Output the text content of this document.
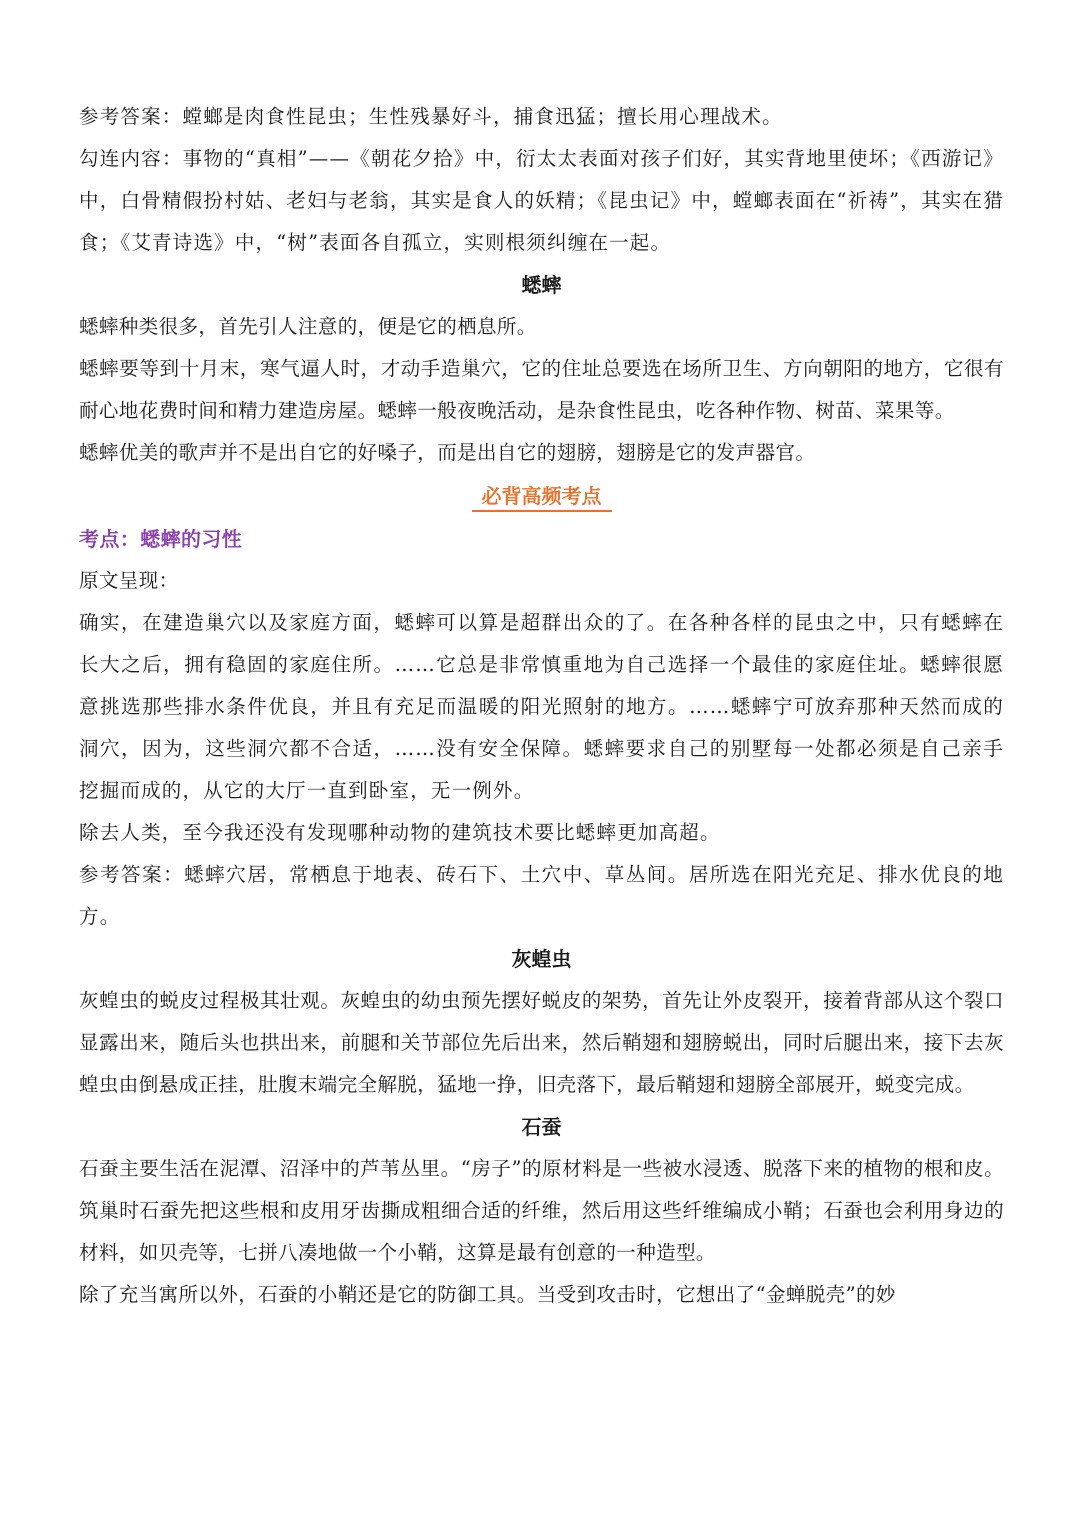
参考答案：螳螂是肉食性昆虫；生性残暴好斗，捕食迅猛；擅长用心理战术。

勾连内容：事物的“真相”——《朝花夕拾》中，衍太太表面对孩子们好，其实背地里使坏；《西游记》中，白骨精假扮村姑、老妇与老翁，其实是食人的妖精；《昆虫记》中，螳螂表面在“祈祷”，其实在猎食；《艾青诗选》中，“树”表面各自孤立，实则根须纠缠在一起。

蟋蟀

蟋蟀种类很多，首先引人注意的，便是它的栖息所。

蟋蟀要等到十月末，寒气逼人时，才动手造巢穴，它的住址总要选在场所卫生、方向朝阳的地方，它很有耐心地花费时间和精力建造房屋。蟋蟀一般夜晚活动，是杂食性昆虫，吃各种作物、树苗、菜果等。

蟋蟀优美的歌声并不是出自它的好嗓子，而是出自它的翅膀，翅膀是它的发声器官。

必背高频考点

考点：蟋蟀的习性

原文呈现：

确实，在建造巢穴以及家庭方面，蟋蟀可以算是超群出众的了。在各种各样的昆虫之中，只有蟋蟀在长大之后，拥有稳固的家庭住所。……它总是非常慎重地为自己选择一个最佳的家庭住址。蟋蟀很愿意挑选那些排水条件优良，并且有充足而温暖的阳光照射的地方。……蟋蟀宁可放弃那种天然而成的洞穴，因为，这些洞穴都不合适，……没有安全保障。蟋蟀要求自己的别墅每一处都必须是自己亲手挖掘而成的，从它的大厅一直到卧室，无一例外。

除去人类，至今我还没有发现哪种动物的建筑技术要比蟋蟀更加高超。

参考答案：蟋蟀穴居，常栖息于地表、砖石下、土穴中、草丛间。居所选在阳光充足、排水优良的地方。

灰蝗虫

灰蝗虫的蜕皮过程极其壮观。灰蝗虫的幼虫预先摆好蜕皮的架势，首先让外皮裂开，接着背部从这个裂口显露出来，随后头也拱出来，前腿和关节部位先后出来，然后鞘翅和翅膀蜕出，同时后腿出来，接下去灰蝗虫由倒悬成正挂，肚腹末端完全解脱，猛地一挣，旧壳落下，最后鞘翅和翅膀全部展开，蜕变完成。

石蚕

石蚕主要生活在泥潭、沼泽中的芦苇丛里。“房子”的原材料是一些被水浸透、脱落下来的植物的根和皮。筑巢时石蚕先把这些根和皮用牙齿撕成粗细合适的纤维，然后用这些纤维编成小鞘；石蚕也会利用身边的材料，如贝壳等，七拼八凑地做一个小鞘，这算是最有创意的一种造型。

除了充当寓所以外，石蚕的小鞘还是它的防御工具。当受到攻击时，它想出了“金蝉脱壳”的妙
